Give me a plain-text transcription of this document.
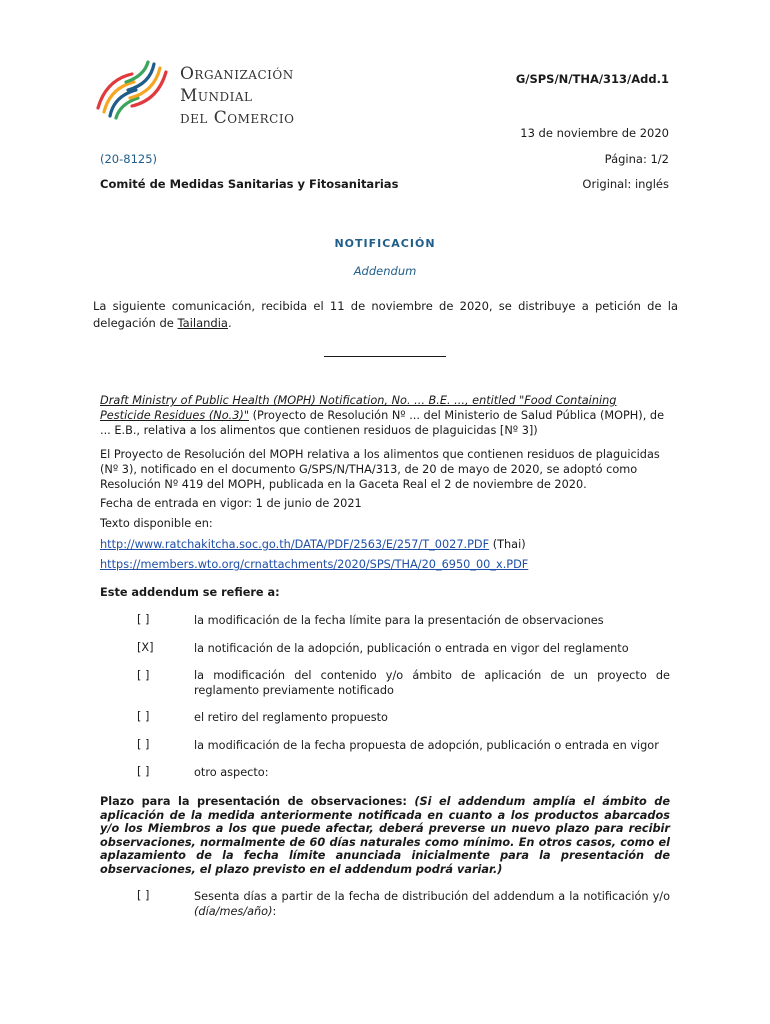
Organización
Mundial
del Comercio
G/SPS/N/THA/313/Add.1
13 de noviembre de 2020
(20-8125)	Página: 1/2
Comité de Medidas Sanitarias y Fitosanitarias	Original: inglés
NOTIFICACIÓN
Addendum
La siguiente comunicación, recibida el 11 de noviembre de 2020, se distribuye a petición de la delegación de Tailandia.
Draft Ministry of Public Health (MOPH) Notification, No. ... B.E. ..., entitled "Food Containing Pesticide Residues (No.3)" (Proyecto de Resolución Nº ... del Ministerio de Salud Pública (MOPH), de ... E.B., relativa a los alimentos que contienen residuos de plaguicidas [Nº 3])
El Proyecto de Resolución del MOPH relativa a los alimentos que contienen residuos de plaguicidas (Nº 3), notificado en el documento G/SPS/N/THA/313, de 20 de mayo de 2020, se adoptó como Resolución Nº 419 del MOPH, publicada en la Gaceta Real el 2 de noviembre de 2020.
Fecha de entrada en vigor: 1 de junio de 2021
Texto disponible en:
http://www.ratchakitcha.soc.go.th/DATA/PDF/2563/E/257/T_0027.PDF (Thai)
https://members.wto.org/crnattachments/2020/SPS/THA/20_6950_00_x.PDF
Este addendum se refiere a:
[ ]	la modificación de la fecha límite para la presentación de observaciones
[X]	la notificación de la adopción, publicación o entrada en vigor del reglamento
[ ]	la modificación del contenido y/o ámbito de aplicación de un proyecto de reglamento previamente notificado
[ ]	el retiro del reglamento propuesto
[ ]	la modificación de la fecha propuesta de adopción, publicación o entrada en vigor
[ ]	otro aspecto:
Plazo para la presentación de observaciones: (Si el addendum amplía el ámbito de aplicación de la medida anteriormente notificada en cuanto a los productos abarcados y/o los Miembros a los que puede afectar, deberá preverse un nuevo plazo para recibir observaciones, normalmente de 60 días naturales como mínimo. En otros casos, como el aplazamiento de la fecha límite anunciada inicialmente para la presentación de observaciones, el plazo previsto en el addendum podrá variar.)
[ ]	Sesenta días a partir de la fecha de distribución del addendum a la notificación y/o (día/mes/año):
